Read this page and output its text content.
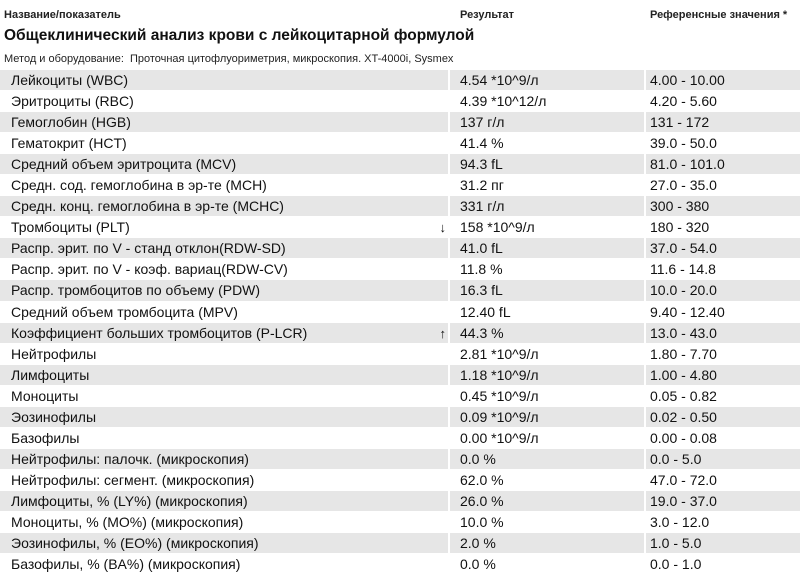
Название/показатель	Результат	Референсные значения *
Общеклинический анализ крови с лейкоцитарной формулой
Метод и оборудование: Проточная цитофлуориметрия, микроскопия. XT-4000i, Sysmex
Лейкоциты (WBC)	4.54 *10^9/л	4.00 - 10.00
Эритроциты (RBC)	4.39 *10^12/л	4.20 - 5.60
Гемоглобин (HGB)	137 г/л	131 - 172
Гематокрит (HCT)	41.4 %	39.0 - 50.0
Средний объем эритроцита (MCV)	94.3 fL	81.0 - 101.0
Средн. сод. гемоглобина в эр-те (MCH)	31.2 пг	27.0 - 35.0
Средн. конц. гемоглобина в эр-те (MCHC)	331 г/л	300 - 380
Тромбоциты (PLT)	↓	158 *10^9/л	180 - 320
Распр. эрит. по V - станд отклон(RDW-SD)	41.0 fL	37.0 - 54.0
Распр. эрит. по V - коэф. вариац(RDW-CV)	11.8 %	11.6 - 14.8
Распр. тромбоцитов по объему (PDW)	16.3 fL	10.0 - 20.0
Средний объем тромбоцита (MPV)	12.40 fL	9.40 - 12.40
Коэффициент больших тромбоцитов (P-LCR)	↑	44.3 %	13.0 - 43.0
Нейтрофилы	2.81 *10^9/л	1.80 - 7.70
Лимфоциты	1.18 *10^9/л	1.00 - 4.80
Моноциты	0.45 *10^9/л	0.05 - 0.82
Эозинофилы	0.09 *10^9/л	0.02 - 0.50
Базофилы	0.00 *10^9/л	0.00 - 0.08
Нейтрофилы: палочк. (микроскопия)	0.0 %	0.0 - 5.0
Нейтрофилы: сегмент. (микроскопия)	62.0 %	47.0 - 72.0
Лимфоциты, % (LY%) (микроскопия)	26.0 %	19.0 - 37.0
Моноциты, % (MO%) (микроскопия)	10.0 %	3.0 - 12.0
Эозинофилы, % (EO%) (микроскопия)	2.0 %	1.0 - 5.0
Базофилы, % (BA%) (микроскопия)	0.0 %	0.0 - 1.0
